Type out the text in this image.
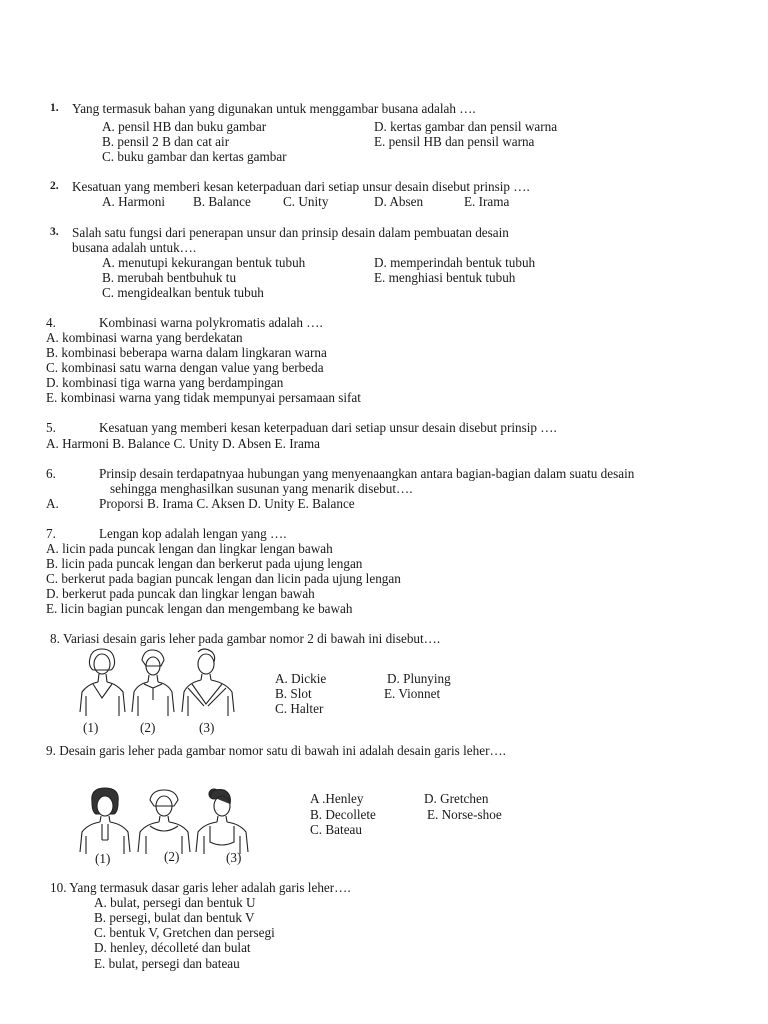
1. Yang termasuk bahan yang digunakan untuk menggambar busana adalah ….
A. pensil HB dan buku gambar	D. kertas gambar dan pensil warna
B. pensil 2 B dan cat air	E. pensil HB dan pensil warna
C. buku gambar dan kertas gambar
2. Kesatuan yang memberi kesan keterpaduan dari setiap unsur desain disebut prinsip ….
A. Harmoni B. Balance C. Unity	D. Absen	E. Irama
3. Salah satu fungsi dari penerapan unsur dan prinsip desain dalam pembuatan desain
busana adalah untuk….
A. menutupi kekurangan bentuk tubuh	D. memperindah bentuk tubuh
B. merubah bentbuhuk tu	E. menghiasi bentuk tubuh
C. mengidealkan bentuk tubuh
4.	Kombinasi warna polykromatis adalah ….
A. kombinasi warna yang berdekatan
B. kombinasi beberapa warna dalam lingkaran warna
C. kombinasi satu warna dengan value yang berbeda
D. kombinasi tiga warna yang berdampingan
E. kombinasi warna yang tidak mempunyai persamaan sifat
5.	Kesatuan yang memberi kesan keterpaduan dari setiap unsur desain disebut prinsip ….
A. Harmoni B. Balance C. Unity D. Absen E. Irama
6.	Prinsip desain terdapatnyaa hubungan yang menyenaangkan antara bagian-bagian dalam suatu desain
sehingga menghasilkan susunan yang menarik disebut….
A.	Proporsi B. Irama C. Aksen D. Unity E. Balance
7.	Lengan kop adalah lengan yang ….
A. licin pada puncak lengan dan lingkar lengan bawah
B. licin pada puncak lengan dan berkerut pada ujung lengan
C. berkerut pada bagian puncak lengan dan licin pada ujung lengan
D. berkerut pada puncak dan lingkar lengan bawah
E. licin bagian puncak lengan dan mengembang ke bawah
8. Variasi desain garis leher pada gambar nomor 2 di bawah ini disebut….
(1)	(2)	(3)
A. Dickie	D. Plunying
B. Slot	E. Vionnet
C. Halter
9. Desain garis leher pada gambar nomor satu di bawah ini adalah desain garis leher….
(1)	(2)	(3)
A .Henley	D. Gretchen
B. Decollete	E. Norse-shoe
C. Bateau
10. Yang termasuk dasar garis leher adalah garis leher….
A. bulat, persegi dan bentuk U
B. persegi, bulat dan bentuk V
C. bentuk V, Gretchen dan persegi
D. henley, décolleté dan bulat
E. bulat, persegi dan bateau
